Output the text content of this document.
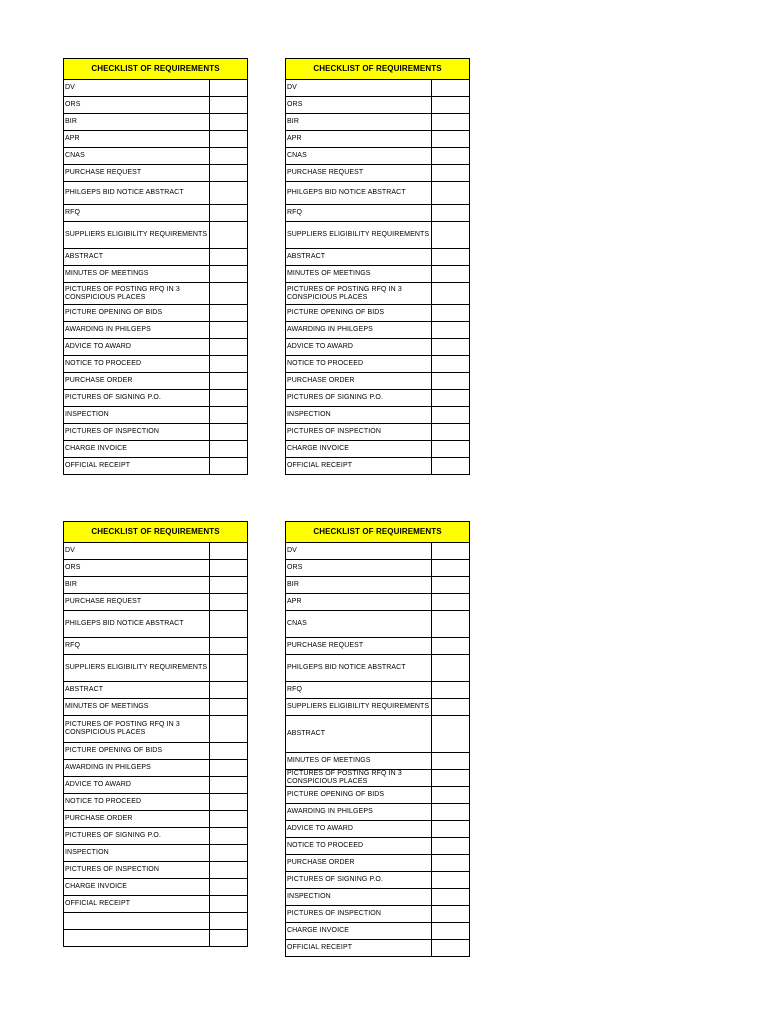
CHECKLIST OF REQUIREMENTS	
DV	
ORS	
BIR	
APR	
CNAS	
PURCHASE REQUEST	
PHILGEPS BID NOTICE ABSTRACT	
RFQ	
SUPPLIERS ELIGIBILITY REQUIREMENTS	
ABSTRACT	
MINUTES OF MEETINGS	
PICTURES OF POSTING RFQ IN 3 CONSPICIOUS PLACES	
PICTURE OPENING OF BIDS	
AWARDING IN PHILGEPS	
ADVICE TO AWARD	
NOTICE TO PROCEED	
PURCHASE ORDER	
PICTURES OF SIGNING P.O.	
INSPECTION	
PICTURES OF INSPECTION	
CHARGE INVOICE	
OFFICIAL RECEIPT	
CHECKLIST OF REQUIREMENTS	
DV	
ORS	
BIR	
APR	
CNAS	
PURCHASE REQUEST	
PHILGEPS BID NOTICE ABSTRACT	
RFQ	
SUPPLIERS ELIGIBILITY REQUIREMENTS	
ABSTRACT	
MINUTES OF MEETINGS	
PICTURES OF POSTING RFQ IN 3 CONSPICIOUS PLACES	
PICTURE OPENING OF BIDS	
AWARDING IN PHILGEPS	
ADVICE TO AWARD	
NOTICE TO PROCEED	
PURCHASE ORDER	
PICTURES OF SIGNING P.O.	
INSPECTION	
PICTURES OF INSPECTION	
CHARGE INVOICE	
OFFICIAL RECEIPT	
CHECKLIST OF REQUIREMENTS	
DV	
ORS	
BIR	
PURCHASE REQUEST	
PHILGEPS BID NOTICE ABSTRACT	
RFQ	
SUPPLIERS ELIGIBILITY REQUIREMENTS	
ABSTRACT	
MINUTES OF MEETINGS	
PICTURES OF POSTING RFQ IN 3 CONSPICIOUS PLACES	
PICTURE OPENING OF BIDS	
AWARDING IN PHILGEPS	
ADVICE TO AWARD	
NOTICE TO PROCEED	
PURCHASE ORDER	
PICTURES OF SIGNING P.O.	
INSPECTION	
PICTURES OF INSPECTION	
CHARGE INVOICE	
OFFICIAL RECEIPT	

CHECKLIST OF REQUIREMENTS	
DV	
ORS	
BIR	
APR	
CNAS	
PURCHASE REQUEST	
PHILGEPS BID NOTICE ABSTRACT	
RFQ	
SUPPLIERS ELIGIBILITY REQUIREMENTS	
ABSTRACT	
MINUTES OF MEETINGS	
PICTURES OF POSTING RFQ IN 3 CONSPICIOUS PLACES	
PICTURE OPENING OF BIDS	
AWARDING IN PHILGEPS	
ADVICE TO AWARD	
NOTICE TO PROCEED	
PURCHASE ORDER	
PICTURES OF SIGNING P.O.	
INSPECTION	
PICTURES OF INSPECTION	
CHARGE INVOICE	
OFFICIAL RECEIPT	
